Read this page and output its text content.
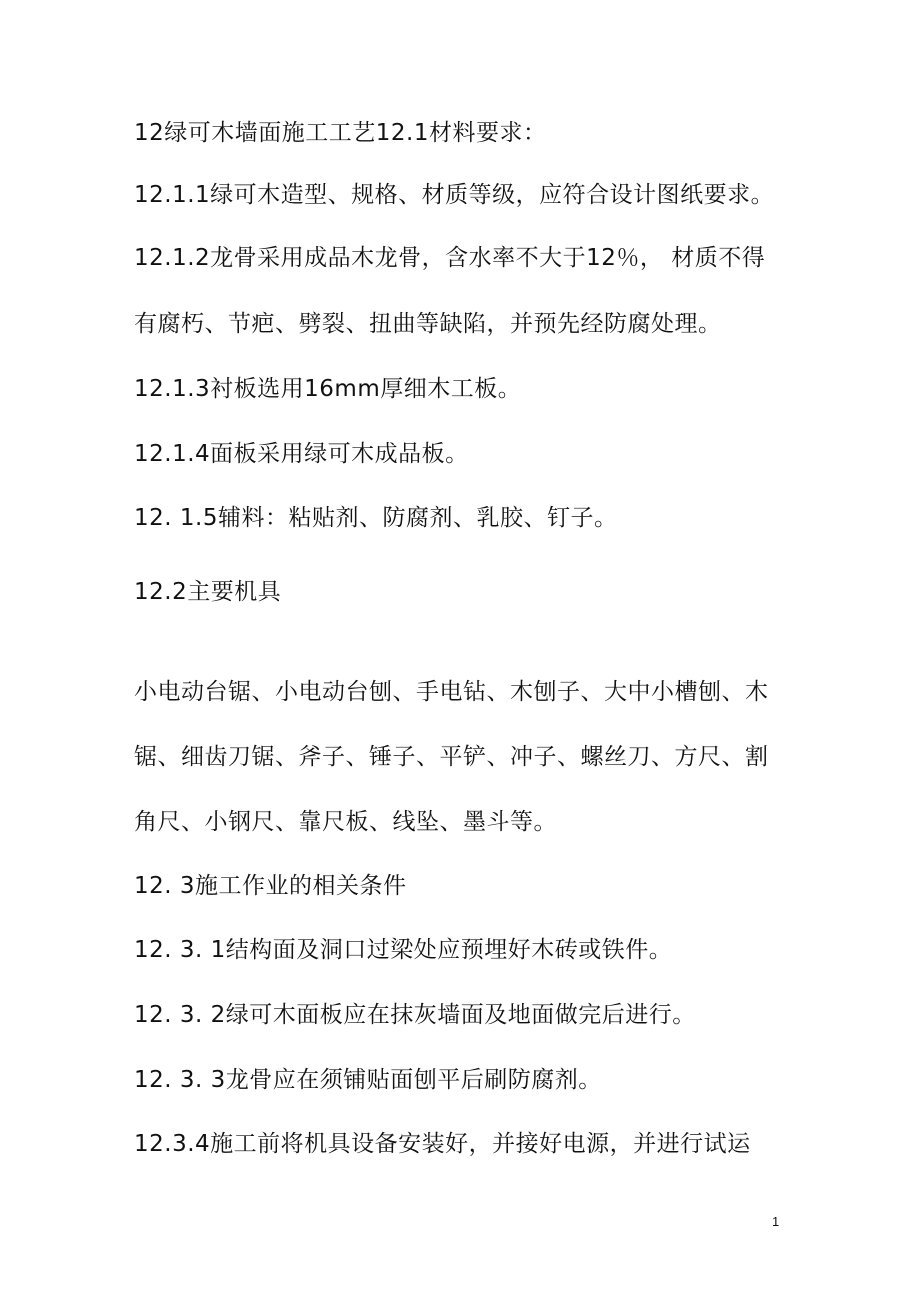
12绿可木墙面施工工艺12.1材料要求：
12.1.1绿可木造型、规格、材质等级，应符合设计图纸要求。
12.1.2龙骨采用成品木龙骨，含水率不大于12％， 材质不得
有腐朽、节疤、劈裂、扭曲等缺陷，并预先经防腐处理。
12.1.3衬板选用16mm厚细木工板。
12.1.4面板采用绿可木成品板。
12. 1.5辅料：粘贴剂、防腐剂、乳胶、钉子。
12.2主要机具
小电动台锯、小电动台刨、手电钻、木刨子、大中小槽刨、木
锯、细齿刀锯、斧子、锤子、平铲、冲子、螺丝刀、方尺、割
角尺、小钢尺、靠尺板、线坠、墨斗等。
12. 3施工作业的相关条件
12. 3. 1结构面及洞口过梁处应预埋好木砖或铁件。
12. 3. 2绿可木面板应在抹灰墙面及地面做完后进行。
12. 3. 3龙骨应在须铺贴面刨平后刷防腐剂。
12.3.4施工前将机具设备安装好，并接好电源，并进行试运
1
